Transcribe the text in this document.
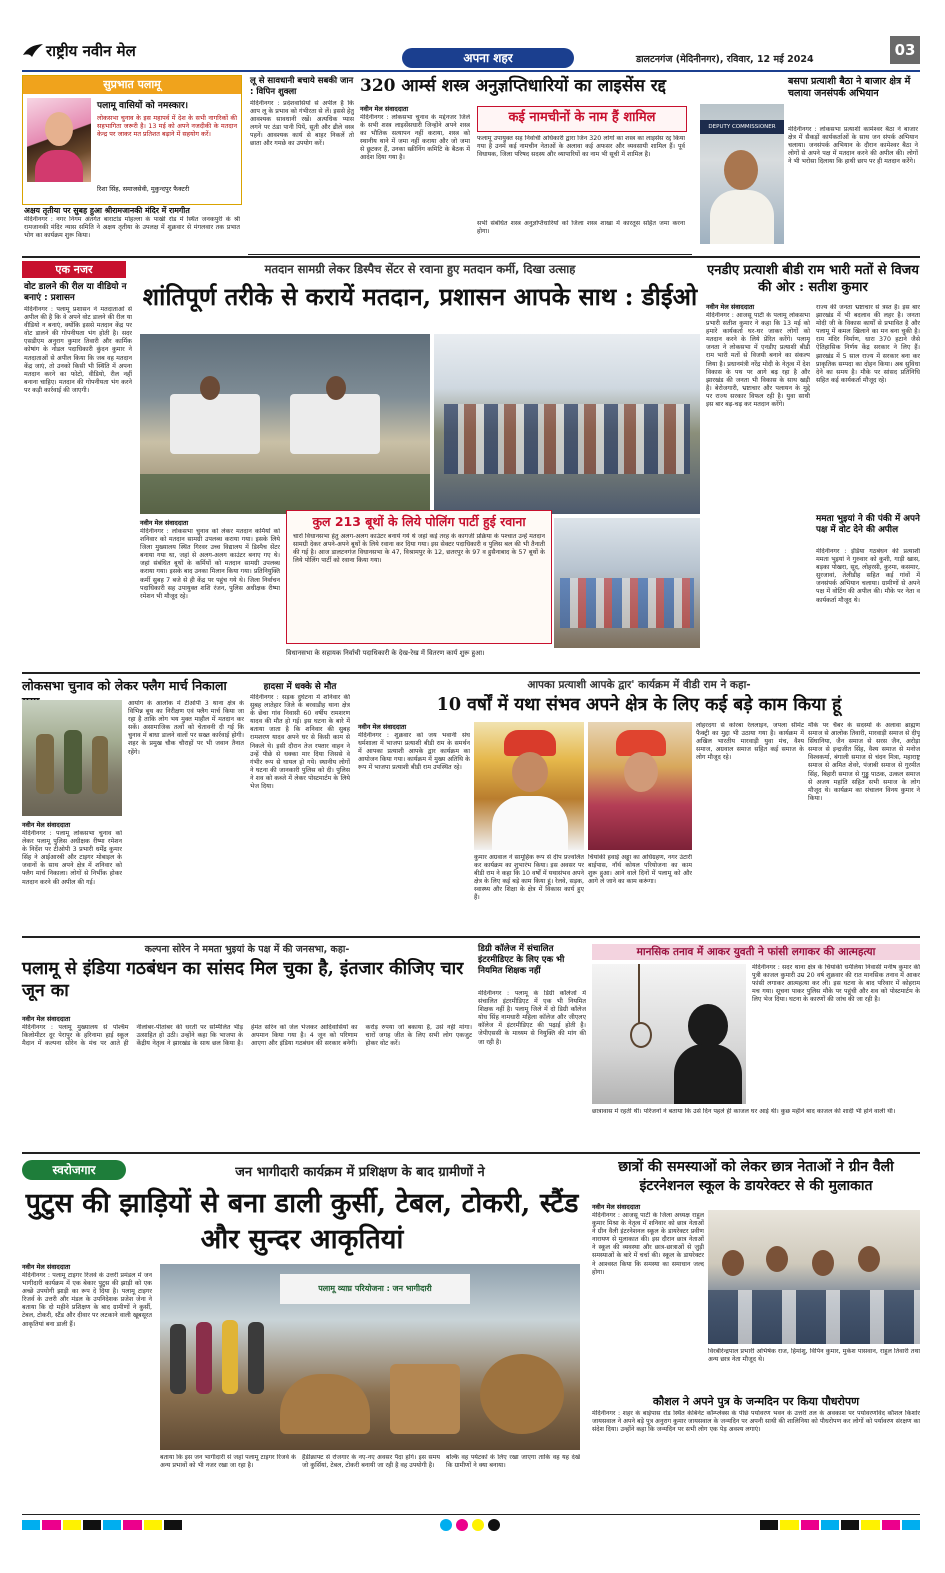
राष्ट्रीय नवीन मेल	अपना शहर	डालटनगंज (मेदिनीनगर), रविवार, 12 मई 2024
03
सुप्रभात पलामू
पलामू वासियों को नमस्कार।
लोकसभा चुनाव के इस महापर्व में देश के सभी नागरिकों की सहभागिता जरूरी है। 13 मई को अपने नजदीकी के मतदान केन्द्र पर जाकर मत प्रतिशत बढ़ाने में सहयोग करें।
रिशा सिंह, समाजसेवी, मुकुन्दपुर फैक्टरी
अक्षय तृतीया पर सुबह हुआ श्रीरामजानकी मंदिर में रामगीत
मेदिनीनगर : नगर निगम अंतर्गत बाराटांड मोहल्ला के पाखी रोड में स्थित जनकपुरी के श्री रामजानकी मंदिर न्यास समिति ने अक्षय तृतीया के उपलक्ष में शुक्रवार से मंगलवार तक प्रभात भोग का कार्यक्रम शुरू किया।
लू से सावधानी बचाये सबकी जान : विपिन शुक्ला
मेदिनीनगर : प्रदेशवासियों से अपील है कि आप लू के प्रभाव को गंभीरता से लें। इससे हेतु आवश्यक सावधानी रखें। अत्यधिक प्यास लगने पर ठंडा पानी पियें, सूती और ढीले वस्त्र पहनें। आवश्यक कार्य से बाहर निकलें तो छाता और गमछे का उपयोग करें।
320 आर्म्स शस्त्र अनुज्ञप्तिधारियों का लाइसेंस रद्द
नवीन मेल संवाददाता
मेदिनीनगर : लोकसभा चुनाव के मद्देनजर जिले के सभी शस्त्र लाइसेंसधारी जिन्होंने अपने शस्त्र का भौतिक सत्यापन नहीं कराया, शस्त्र को स्थानीय थाने में जमा नहीं कराया और जो जमा से छूटकर हैं, उनका स्क्रीनिंग कमिटि के बैठक में आदेश दिया गया है।
कई नामचीनों के नाम हैं शामिल
फलामू उपायुक्त सह निर्वाची अधिकारी द्वारा जिन 320 लोगों का शस्त्र का लाइसेंस रद्द किया गया है उनमें कई नामचीन नेताओं के अलावा कई अफसर और व्यवसायी शामिल हैं। पूर्व विधायक, जिला परिषद सदस्य और व्यापारियों का नाम भी सूची में शामिल है।
सभी संबंधित शस्त्र अनुज्ञप्तिधारियों को जिला शस्त्र शाखा में कारतूस सहित जमा करना होगा।
बसपा प्रत्याशी बैठा ने बाजार क्षेत्र में चलाया जनसंपर्क अभियान
DEPUTY COMMISSIONER	मेदिनीनगर : लोकसभा प्रत्याशी कामेश्वर बैठा ने बाजार क्षेत्र में सैकड़ों कार्यकर्ताओं के साथ जन संपर्क अभियान चलाया। जनसंपर्क अभियान के दौरान कामेश्वर बैठा ने लोगों से अपने पक्ष में मतदान करने की अपील की। लोगों ने भी भरोसा दिलाया कि हाथी छाप पर ही मतदान करेंगे।
एक नजर
वोट डालने की रील या वीडियो न बनाएं : प्रशासन
मेदिनीनगर : पलामू प्रशासन ने मतदाताओं से अपील की है कि वे अपने वोट डालने की रील या वीडियो न बनाएं, क्योंकि इससे मतदान केंद्र पर वोट डालने की गोपनीयता भंग होती है। सदर एसडीएम अनुराग कुमार तिवारी और कार्मिक कोषांग के नोडल पदाधिकारी कुंदन कुमार ने मतदाताओं से अपील किया कि जब वह मतदान केंद्र जाएं, तो उनको किसी भी स्थिति में अपना मतदान करने का फोटो, वीडियो, रील नहीं बनाना चाहिए। मतदान की गोपनीयता भंग करने पर कड़ी कार्रवाई की जाएगी।
मतदान सामग्री लेकर डिस्पैच सेंटर से रवाना हुए मतदान कर्मी, दिखा उत्साह
शांतिपूर्ण तरीके से करायें मतदान, प्रशासन आपके साथ : डीईओ
नवीन मेल संवाददाता
मेदिनीनगर : लोकसभा चुनाव को लेकर मतदान कर्मियों को शनिवार को मतदान सामग्री उपलब्ध कराया गया। इसके लिये जिला मुख्यालय स्थित गिरवर उच्च विद्यालय में डिस्पैच सेंटर बनाया गया था, जहां से अलग-अलग काउंटर बनाए गए थे। जहां संबंधित बूथों के कर्मियों को मतदान सामग्री उपलब्ध कराया गया। इसके बाद उनका मिलान किया गया। प्रतिनियुक्ति कर्मी सुबह 7 बजे से ही केंद्र पर पहुंच गये थे। जिला निर्वाचन पदाधिकारी सह उपायुक्त शशि रंजन, पुलिस अधीक्षक रीष्मा रमेशन भी मौजूद रहे।
कुल 213 बूथों के लिये पोलिंग पार्टी हुई रवाना
चारों विधानसभा हेतु अलग-अलग काउंटर बनाये गये थे जहां कई तरह के कागजी प्रक्रिया के पश्चात उन्हें मतदान सामग्री देकर अपने-अपने बूथों के लिये रवाना कर दिया गया। इस सेक्टर पदाधिकारी व पुलिस बल की भी तैनाती की गई है। आज डालटनगंज विधानसभा के 47, विश्रामपुर के 12, छतरपुर के 97 व हुसैनाबाद के 57 बूथों के लिये पोलिंग पार्टी को रवाना किया गया।
विधानसभा के सहायक निर्वाची पदाधिकारी के देख-रेख में वितरण कार्य शुरू हुआ।
एनडीए प्रत्याशी बीडी राम भारी मतों से विजय की ओर : सतीश कुमार
नवीन मेल संवाददाता
मेदिनीनगर : आजसू पार्टी के पलामू लोकसभा प्रभारी सतीश कुमार ने कहा कि 13 मई को हमारे कार्यकर्ता घर-घर जाकर लोगों को मतदान करने के लिये प्रेरित करेंगे। पलामू जनता ने लोकसभा में एनडीए प्रत्याशी बीडी राम भारी मतों से विजयी बनाने का संकल्प लिया है। प्रधानमंत्री नरेंद्र मोदी के नेतृत्व में देश विकास के पथ पर आगे बढ़ रहा है और झारखंड की जनता भी विकास के साथ खड़ी है। बेरोजगारी, भ्रष्टाचार और पलायन के मुद्दे पर राज्य सरकार विफल रही है। युवा साथी इस बार बढ़-चढ़ कर मतदान करेंगे।
राज्य की जनता भ्रष्टाचार से त्रस्त है। इस बार झारखंड में भी बदलाव की लहर है। जनता मोदी जी के विकास कार्यों से प्रभावित है और पलामू में कमल खिलाने का मन बना चुकी है। राम मंदिर निर्माण, धारा 370 हटाने जैसे ऐतिहासिक निर्णय केंद्र सरकार ने लिए हैं। झारखंड में 5 साल राज्य में सरकार बना कर प्राकृतिक सम्पदा का दोहन किया। अब सुविधा देने का समय है। मौके पर सांसद प्रतिनिधि सहित कई कार्यकर्ता मौजूद रहे।
ममता भुइयां ने की पंकी में अपने पक्ष में वोट देने की अपील
मेदिनीनगर : इंडिया गठबंधन की प्रत्याशी ममता भुइयां ने गुरुवार को कुशी, गाड़ी खास, बड़का पोखरा, सूद, लोहरसी, कुरमा, कसमार, सुरजावां, तेलीडीह सहित कई गांवों में जनसंपर्क अभियान चलाया। ग्रामीणों से अपने पक्ष में वोटिंग की अपील की। मौके पर नेता व कार्यकर्ता मौजूद थे।
लोकसभा चुनाव को लेकर फ्लैग मार्च निकाला
नवीन मेल संवाददाता
मेदिनीनगर : पलामू लोकसभा चुनाव को लेकर पलामू पुलिस अधीक्षक रीष्मा रमेशन के निर्देश पर टीओपी 3 प्रभारी धर्मेंद्र कुमार सिंह ने आईआरबी और टाइगर मोबाइल के जवानों के साथ अपने क्षेत्र में शनिवार को फ्लैग मार्च निकाला। लोगों से निर्भीक होकर मतदान करने की अपील की गई।
आयोग के आलोक में टीओपी 3 थाना क्षेत्र के विभिन्न बूथ का निरीक्षण एवं फ्लैग मार्च किया जा रहा है ताकि लोग भय मुक्त माहौल में मतदान कर सकें। असामाजिक तत्वों को चेतावनी दी गई कि चुनाव में बाधा डालने वालों पर सख्त कार्रवाई होगी। शहर के प्रमुख चौक चौराहों पर भी जवान तैनात रहेंगे।
हादसा में धक्के से मौत
मेदिनीनगर : सड़क दुर्घटना में शनिवार की सुबह लातेहार जिले के बरवाडीह थाना क्षेत्र के छेंचा गांव निवासी 60 वर्षीय रामशरण यादव की मौत हो गई। इस घटना के बारे में बताया जाता है कि शनिवार की सुबह रामशरण यादव अपने घर से किसी काम से निकले थे। इसी दौरान तेज रफ्तार वाहन ने उन्हें पीछे से धक्का मार दिया जिससे वे गंभीर रूप से घायल हो गये। स्थानीय लोगों ने घटना की जानकारी पुलिस को दी। पुलिस ने शव को कब्जे में लेकर पोस्टमार्टम के लिये भेज दिया।
आपका प्रत्याशी आपके द्वार' कार्यक्रम में वीडी राम ने कहा-
10 वर्षों में यथा संभव अपने क्षेत्र के लिए कई बड़े काम किया हूं
नवीन मेल संवाददाता
मेदिनीनगर : शुक्रवार को जय भवानी संघ धर्मशाला में भाजपा प्रत्याशी बीडी राम के समर्थन में आपका प्रत्याशी आपके द्वार कार्यक्रम का आयोजन किया गया। कार्यक्रम में मुख्य अतिथि के रूप में भाजपा प्रत्याशी बीडी राम उपस्थित रहे।
कुमार अग्रवाल ने सामूहिक रूप से दीप प्रज्वलित कर कार्यक्रम का शुभारंभ किया। इस अवसर पर बीडी राम ने कहा कि 10 वर्षों में यथासंभव अपने क्षेत्र के लिए कई बड़े काम किया हूं। रेलवे, सड़क, स्वास्थ्य और शिक्षा के क्षेत्र में विकास कार्य हुए हैं।
चियांकी हवाई अड्डा का अधिग्रहण, नगर उंटारी बाईपास, नॉर्थ कोयल परियोजना का काम शुरू हुआ। आने वाले दिनों में पलामू को और आगे ले जाने का काम करूंगा।
लोहरदगा से कोरबा रेललाइन, जपला सीमेंट फैक्ट्री का मुद्दा भी उठाया गया है। कार्यक्रम में अखिल भारतीय मारवाड़ी युवा मंच, वैश्य समाज, अग्रवाल समाज सहित कई समाज के लोग मौजूद रहे।
मौके पर चैंबर के सदस्यों के अलावा ब्राह्मण समाज से आलोक तिवारी, मारवाड़ी समाज से दीपू सिंघानिया, जैन समाज से सरस जैन, अरोड़ा समाज से इन्द्रजीत सिंह, वैश्य समाज से मनोज विश्वकर्मा, बंगाली समाज से चंदन मित्रा, महाराष्ट्र समाज से अमित शेवरे, पंजाबी समाज से गुरमीत सिंह, बिहारी समाज से गुड्डु पाठक, उत्कल समाज से अजय महांति सहित सभी समाज के लोग मौजूद थे। कार्यक्रम का संचालन विनय कुमार ने किया।
कल्पना सोरेन ने ममता भुइयां के पक्ष में की जनसभा, कहा-
पलामू से इंडिया गठबंधन का सांसद मिल चुका है, इंतजार कीजिए चार जून का
नवीन मेल संवाददाता
मेदिनीनगर : पलामू मुख्यालय से पश्चिम किलोमीटर दूर पेरापुर के हरिनामा हाई स्कूल मैदान में कल्पना सोरेन के मंच पर आते ही नीलांबर-पीतांबर की धरती पर सम्मिलित भीड़ उत्साहित हो उठी। उन्होंने कहा कि भाजपा के केंद्रीय नेतृत्व ने झारखंड के साथ छल किया है। हेमंत सोरेन को जेल भेजकर आदिवासियों का अपमान किया गया है। 4 जून को परिणाम आएगा और इंडिया गठबंधन की सरकार बनेगी। करोड़ रुपया जो बकाया है, उसे नहीं मांगा। चारों जगह जीत के लिए सभी लोग एकजुट होकर वोट करें।
डिग्री कॉलेज में संचालित इंटरमीडिएट के लिए एक भी नियमित शिक्षक नहीं
मेदिनीनगर : पलामू के डिग्री कॉलेजों में संचालित इंटरमीडिएट में एक भी नियमित शिक्षक नहीं है। पलामू जिले में दो डिग्री कॉलेज योध सिंह नामधारी महिला कॉलेज और जीएलए कॉलेज में इंटरमीडिएट की पढ़ाई होती है। जेपीएससी के माध्यम से नियुक्ति की मांग की जा रही है।
मानसिक तनाव में आकर युवती ने फांसी लगाकर की आत्महत्या
मेदिनीनगर : सदर थाना क्षेत्र के चियांकी धर्मलिया निवासी मनीष कुमार की पुत्री काजल कुमारी उम्र 20 वर्ष शुक्रवार की रात मानसिक तनाव में आकर फांसी लगाकर आत्महत्या कर ली। इस घटना के बाद परिवार में कोहराम मच गया। सूचना पाकर पुलिस मौके पर पहुंची और शव को पोस्टमार्टम के लिए भेज दिया। घटना के कारणों की जांच की जा रही है।
छात्रावास में रहती थी। परिजनों ने बताया कि उसे दिन पहले ही काजल घर आई थी। कुछ महीने बाद काजल की शादी भी होने वाली थी।
स्वरोजगार	जन भागीदारी कार्यक्रम में प्रशिक्षण के बाद ग्रामीणों ने
पुटुस की झाड़ियों से बना डाली कुर्सी, टेबल, टोकरी, स्टैंड और सुन्दर आकृतियां
नवीन मेल संवाददाता
मेदिनीनगर : पलामू टाइगर रिजर्व के उत्तरी प्रमंडल में जन भागीदारी कार्यक्रम में एक बेकार पुटुस की झाड़ी को एक अच्छे उपयोगी झाड़ी का रूप दे दिया है। पलामू टाइगर रिजर्व के उत्तरी और मंडल के उपनिदेशक प्रजेश जेना ने बताया कि दो महीने प्रशिक्षण के बाद ग्रामीणों ने कुर्सी, टेबल, टोकरी, स्टैंड और दीवार पर लटकाने वाली खूबसूरत आकृतियां बना डाली हैं।
पलामू व्याघ्र परियोजना : जन भागीदारी
बताया कि इस जन भागीदारी से जहां पलामू टाइगर रिजर्व के अन्य प्रभावों को भी नजर रखा जा रहा है।
हैंडीक्राफ्ट से रोजगार के नए-नए अवसर पैदा होंगे। इस समय जो कुर्सियां, टेबल, टोकरी बनायी जा रही है वह उपयोगी है।
बल्कि वह पर्यटकों के लिए रखा जाएगा ताकि वह यह देखें कि ग्रामीणों ने क्या बनाया।
छात्रों की समस्याओं को लेकर छात्र नेताओं ने ग्रीन वैली इंटरनेशनल स्कूल के डायरेक्टर से की मुलाकात
नवीन मेल संवाददाता
मेदिनीनगर : आजसू पार्टी के जिला अध्यक्ष राहुल कुमार मिश्रा के नेतृत्व में शनिवार को छात्र नेताओं ने ग्रीन वैली इंटरनेशनल स्कूल के डायरेक्टर प्रवीण नारायण से मुलाकात की। इस दौरान छात्र नेताओं ने स्कूल की व्यवस्था और छात्र-छात्राओं से जुड़ी समस्याओं के बारे में चर्चा की। स्कूल के डायरेक्टर ने आश्वस्त किया कि समस्या का समाधान जल्द होगा।
विरबीरेन्द्रपाल प्रभारी अभिषेक राज, हिमांशु, विपिन कुमार, मुकेश पासवान, राहुल तिवारी तथा अन्य छात्र नेता मौजूद थे।
कौशल ने अपने पुत्र के जन्मदिन पर किया पौधरोपण
मेदिनीनगर : शहर के बाईपास रोड स्थित केबिनेट कॉम्प्लेक्स के पीछे पर्यावरण भवन के उत्तरी तल के अवकाश पर पर्यावरणविद कौशल किशोर जायसवाल ने अपने बड़े पुत्र अनुराग कुमार जायसवाल के जन्मदिन पर अपनी साथी की शालिनिया को पौधरोपण कर लोगों को पर्यावरण संरक्षण का संदेश दिया। उन्होंने कहा कि जन्मदिन पर सभी लोग एक पेड़ अवश्य लगाएं।
